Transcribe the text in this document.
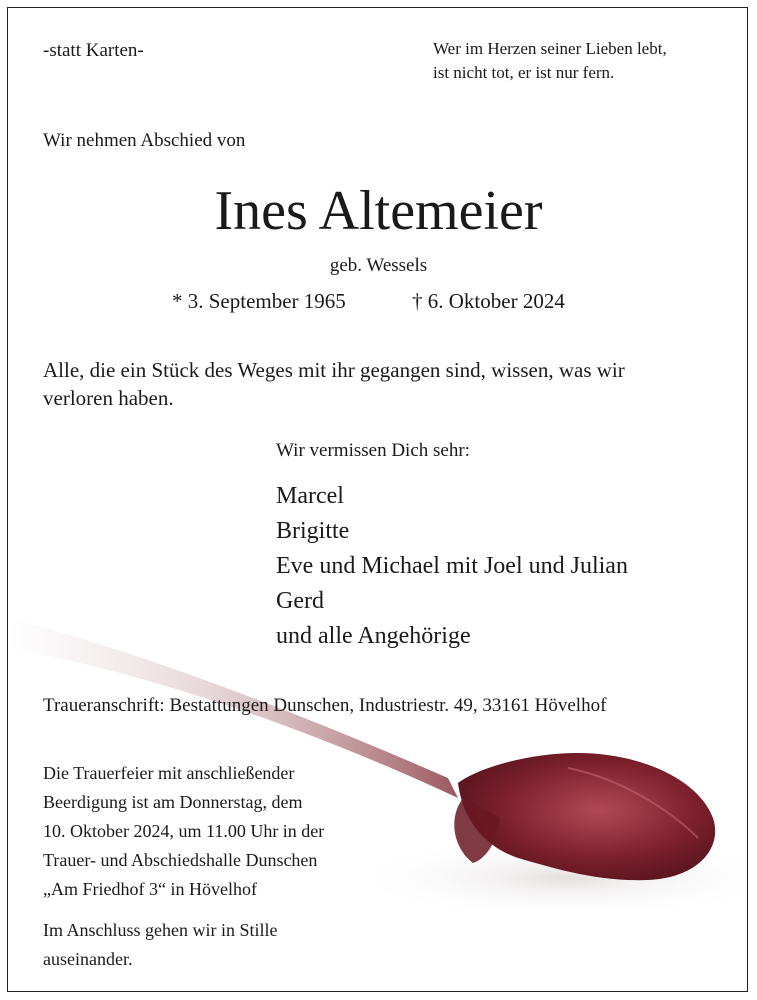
-statt Karten-	Wer im Herzen seiner Lieben lebt,
ist nicht tot, er ist nur fern.
Wir nehmen Abschied von
Ines Altemeier
geb. Wessels
* 3. September 1965	† 6. Oktober 2024
Alle, die ein Stück des Weges mit ihr gegangen sind, wissen, was wir
verloren haben.
Wir vermissen Dich sehr:
Marcel
Brigitte
Eve und Michael mit Joel und Julian
Gerd
und alle Angehörige
Traueranschrift: Bestattungen Dunschen, Industriestr. 49, 33161 Hövelhof
Die Trauerfeier mit anschließender
Beerdigung ist am Donnerstag, dem
10. Oktober 2024, um 11.00 Uhr in der
Trauer- und Abschiedshalle Dunschen
„Am Friedhof 3“ in Hövelhof
Im Anschluss gehen wir in Stille
auseinander.
